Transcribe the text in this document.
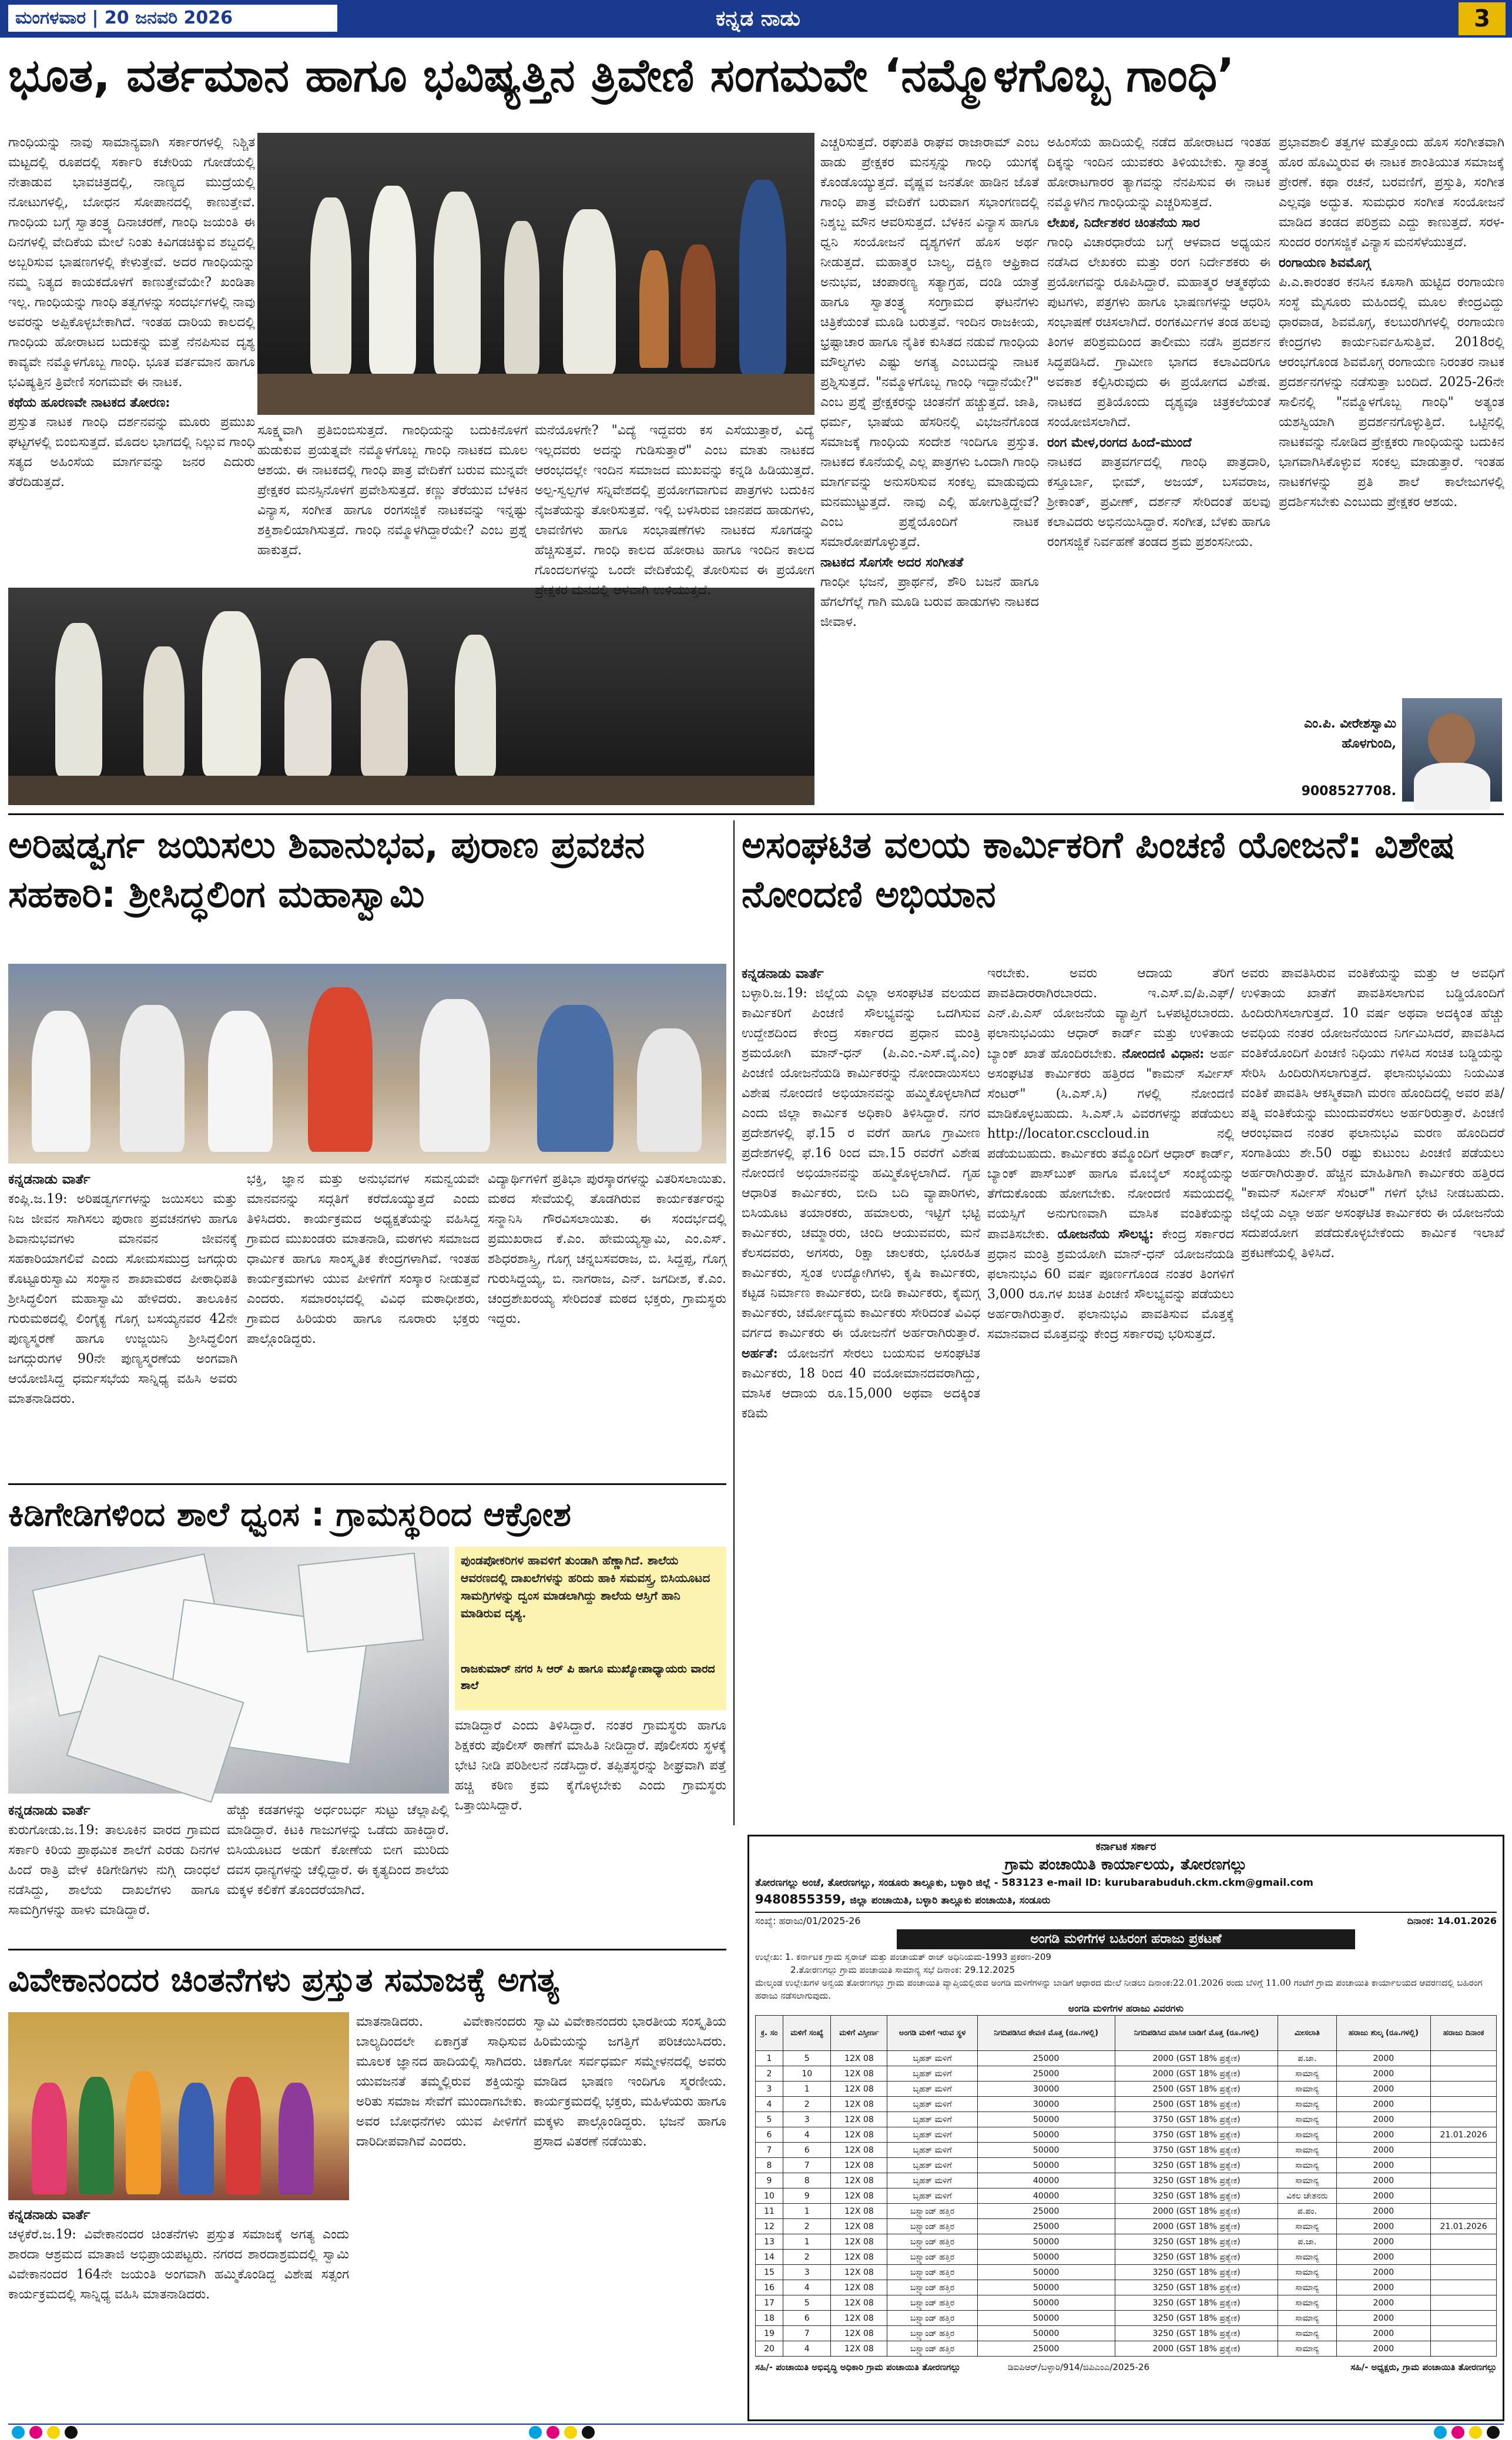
ಮಂಗಳವಾರ | 20 ಜನವರಿ 2026	ಕನ್ನಡ ನಾಡು	3
ಭೂತ, ವರ್ತಮಾನ ಹಾಗೂ ಭವಿಷ್ಯತ್ತಿನ ತ್ರಿವೇಣಿ ಸಂಗಮವೇ ‘ನಮ್ಮೊಳಗೊಬ್ಬ ಗಾಂಧಿ’
ಗಾಂಧಿಯನ್ನು ನಾವು ಸಾಮಾನ್ಯವಾಗಿ ಸರ್ಕಾರಗಳಲ್ಲಿ ನಿಶ್ಚಿತ ಮಟ್ಟದಲ್ಲಿ ರೂಪದಲ್ಲಿ ಸರ್ಕಾರಿ ಕಚೇರಿಯ ಗೋಡೆಯಲ್ಲಿ ನೇತಾಡುವ ಭಾವಚಿತ್ರದಲ್ಲಿ, ನಾಣ್ಯದ ಮುದ್ರೆಯಲ್ಲಿ ನೋಟುಗಳಲ್ಲಿ, ಬೋಧನ ಸೋಪಾನದಲ್ಲಿ ಕಾಣುತ್ತೇವೆ. ಗಾಂಧಿಯ ಬಗ್ಗೆ ಸ್ವಾತಂತ್ರ್ಯ ದಿನಾಚರಣೆ, ಗಾಂಧಿ ಜಯಂತಿ ಈ ದಿನಗಳಲ್ಲಿ ವೇದಿಕೆಯ ಮೇಲೆ ನಿಂತು ಕಿವಿಗಡಚಿಕ್ಕುವ ಶಬ್ದದಲ್ಲಿ ಅಬ್ಬರಿಸುವ ಭಾಷಣಗಳಲ್ಲಿ ಕೇಳುತ್ತೇವೆ. ಅದರ ಗಾಂಧಿಯನ್ನು ನಮ್ಮ ನಿತ್ಯದ ಕಾಯಕದೊಳಗೆ ಕಾಣುತ್ತೇವೆಯೇ? ಖಂಡಿತಾ ಇಲ್ಲ. ಗಾಂಧಿಯನ್ನು ಗಾಂಧಿ ತತ್ವಗಳನ್ನು ಸಂದರ್ಭಗಳಲ್ಲಿ ನಾವು ಅವರನ್ನು ಅಪ್ಪಿಕೊಳ್ಳಬೇಕಾಗಿದೆ. ಇಂತಹ ದಾರಿಯ ಕಾಲದಲ್ಲಿ ಗಾಂಧಿಯ ಹೋರಾಟದ ಬದುಕನ್ನು ಮತ್ತೆ ನೆನಪಿಸುವ ದೃಶ್ಯ ಕಾವ್ಯವೇ ನಮ್ಮೊಳಗೊಬ್ಬ ಗಾಂಧಿ. ಭೂತ ವರ್ತಮಾನ ಹಾಗೂ ಭವಿಷ್ಯತ್ತಿನ ತ್ರಿವೇಣಿ ಸಂಗಮವೇ ಈ ನಾಟಕ.
ಕಥೆಯ ಹೂರಣವೇ ನಾಟಕದ ತೋರಣ:
ಪ್ರಸ್ತುತ ನಾಟಕ ಗಾಂಧಿ ದರ್ಶನವನ್ನು ಮೂರು ಪ್ರಮುಖ ಘಟ್ಟಗಳಲ್ಲಿ ಬಿಂಬಿಸುತ್ತದೆ. ಮೊದಲ ಭಾಗದಲ್ಲಿ ನಿಲ್ಲುವ ಗಾಂಧಿ ಸತ್ಯದ ಅಹಿಂಸೆಯ ಮಾರ್ಗವನ್ನು ಜನರ ಎದುರು ತೆರೆದಿಡುತ್ತದೆ.
ಸೂಕ್ಷ್ಮವಾಗಿ ಪ್ರತಿಬಿಂಬಿಸುತ್ತದೆ. ಗಾಂಧಿಯನ್ನು ಬದುಕಿನೊಳಗೆ ಹುಡುಕುವ ಪ್ರಯತ್ನವೇ ನಮ್ಮೊಳಗೊಬ್ಬ ಗಾಂಧಿ ನಾಟಕದ ಮೂಲ ಆಶಯ. ಈ ನಾಟಕದಲ್ಲಿ ಗಾಂಧಿ ಪಾತ್ರ ವೇದಿಕೆಗೆ ಬರುವ ಮುನ್ನವೇ ಪ್ರೇಕ್ಷಕರ ಮನಸ್ಸಿನೊಳಗೆ ಪ್ರವೇಶಿಸುತ್ತದೆ. ಕಣ್ಣು ತೆರೆಯುವ ಬೆಳಕಿನ ವಿನ್ಯಾಸ, ಸಂಗೀತ ಹಾಗೂ ರಂಗಸಜ್ಜಿಕೆ ನಾಟಕವನ್ನು ಇನ್ನಷ್ಟು ಶಕ್ತಿಶಾಲಿಯಾಗಿಸುತ್ತದೆ. ಗಾಂಧಿ ನಮ್ಮೊಳಗಿದ್ದಾರೆಯೇ? ಎಂಬ ಪ್ರಶ್ನೆ ಹಾಕುತ್ತದೆ.
ಮನೆಯೊಳಗೇ? "ವಿದ್ಯೆ ಇದ್ದವರು ಕಸ ಎಸೆಯುತ್ತಾರೆ, ವಿದ್ಯೆ ಇಲ್ಲದವರು ಅದನ್ನು ಗುಡಿಸುತ್ತಾರೆ" ಎಂಬ ಮಾತು ನಾಟಕದ ಆರಂಭದಲ್ಲೇ ಇಂದಿನ ಸಮಾಜದ ಮುಖವನ್ನು ಕನ್ನಡಿ ಹಿಡಿಯುತ್ತದೆ. ಅಲ್ಪ-ಸ್ವಲ್ಪಗಳ ಸನ್ನಿವೇಶದಲ್ಲಿ ಪ್ರಯೋಗವಾಗುವ ಪಾತ್ರಗಳು ಬದುಕಿನ ನೈಜತೆಯನ್ನು ತೋರಿಸುತ್ತವೆ. ಇಲ್ಲಿ ಬಳಸಿರುವ ಜಾನಪದ ಹಾಡುಗಳು, ಲಾವಣಿಗಳು ಹಾಗೂ ಸಂಭಾಷಣೆಗಳು ನಾಟಕದ ಸೊಗಡನ್ನು ಹೆಚ್ಚಿಸುತ್ತವೆ. ಗಾಂಧಿ ಕಾಲದ ಹೋರಾಟ ಹಾಗೂ ಇಂದಿನ ಕಾಲದ ಗೊಂದಲಗಳನ್ನು ಒಂದೇ ವೇದಿಕೆಯಲ್ಲಿ ತೋರಿಸುವ ಈ ಪ್ರಯೋಗ ಪ್ರೇಕ್ಷಕರ ಮನದಲ್ಲಿ ಆಳವಾಗಿ ಉಳಿಯುತ್ತದೆ.
ಎಚ್ಚರಿಸುತ್ತದೆ. ರಘುಪತಿ ರಾಘವ ರಾಜಾರಾಮ್ ಎಂಬ ಹಾಡು ಪ್ರೇಕ್ಷಕರ ಮನಸ್ಸನ್ನು ಗಾಂಧಿ ಯುಗಕ್ಕೆ ಕೊಂಡೊಯ್ಯುತ್ತದೆ. ವೈಷ್ಣವ ಜನತೋ ಹಾಡಿನ ಜೊತೆ ಗಾಂಧಿ ಪಾತ್ರ ವೇದಿಕೆಗೆ ಬರುವಾಗ ಸಭಾಂಗಣದಲ್ಲಿ ನಿಶ್ಶಬ್ದ ಮೌನ ಆವರಿಸುತ್ತದೆ. ಬೆಳಕಿನ ವಿನ್ಯಾಸ ಹಾಗೂ ಧ್ವನಿ ಸಂಯೋಜನೆ ದೃಶ್ಯಗಳಿಗೆ ಹೊಸ ಅರ್ಥ ನೀಡುತ್ತದೆ. ಮಹಾತ್ಮರ ಬಾಲ್ಯ, ದಕ್ಷಿಣ ಆಫ್ರಿಕಾದ ಅನುಭವ, ಚಂಪಾರಣ್ಯ ಸತ್ಯಾಗ್ರಹ, ದಂಡಿ ಯಾತ್ರೆ ಹಾಗೂ ಸ್ವಾತಂತ್ರ್ಯ ಸಂಗ್ರಾಮದ ಘಟನೆಗಳು ಚಿತ್ರಿಕೆಯಂತೆ ಮೂಡಿ ಬರುತ್ತವೆ. ಇಂದಿನ ರಾಜಕೀಯ, ಭ್ರಷ್ಟಾಚಾರ ಹಾಗೂ ನೈತಿಕ ಕುಸಿತದ ನಡುವೆ ಗಾಂಧಿಯ ಮೌಲ್ಯಗಳು ಎಷ್ಟು ಅಗತ್ಯ ಎಂಬುದನ್ನು ನಾಟಕ ಪ್ರಶ್ನಿಸುತ್ತದೆ. "ನಮ್ಮೊಳಗೊಬ್ಬ ಗಾಂಧಿ ಇದ್ದಾನೆಯೇ?" ಎಂಬ ಪ್ರಶ್ನೆ ಪ್ರೇಕ್ಷಕರನ್ನು ಚಿಂತನೆಗೆ ಹಚ್ಚುತ್ತದೆ. ಜಾತಿ, ಧರ್ಮ, ಭಾಷೆಯ ಹೆಸರಿನಲ್ಲಿ ವಿಭಜನೆಗೊಂಡ ಸಮಾಜಕ್ಕೆ ಗಾಂಧಿಯ ಸಂದೇಶ ಇಂದಿಗೂ ಪ್ರಸ್ತುತ. ನಾಟಕದ ಕೊನೆಯಲ್ಲಿ ಎಲ್ಲ ಪಾತ್ರಗಳು ಒಂದಾಗಿ ಗಾಂಧಿ ಮಾರ್ಗವನ್ನು ಅನುಸರಿಸುವ ಸಂಕಲ್ಪ ಮಾಡುವುದು ಮನಮುಟ್ಟುತ್ತದೆ. ನಾವು ಎಲ್ಲಿ ಹೋಗುತ್ತಿದ್ದೇವೆ? ಎಂಬ ಪ್ರಶ್ನೆಯೊಂದಿಗೆ ನಾಟಕ ಸಮಾರೋಪಗೊಳ್ಳುತ್ತದೆ.
ನಾಟಕದ ಸೊಗಸೇ ಅದರ ಸಂಗೀತತೆ
ಗಾಂಧೀ ಭಜನೆ, ಪ್ರಾರ್ಥನೆ, ಶೌರಿ ಬಜನೆ ಹಾಗೂ ಹೆಗಲೆಗೆಲ್ಲೆ ಗಾಗಿ ಮೂಡಿ ಬರುವ ಹಾಡುಗಳು ನಾಟಕದ ಜೀವಾಳ.
ಅಹಿಂಸೆಯ ಹಾದಿಯಲ್ಲಿ ನಡೆದ ಹೋರಾಟದ ಇಂತಹ ದಿಕ್ಕನ್ನು ಇಂದಿನ ಯುವಕರು ತಿಳಿಯಬೇಕು. ಸ್ವಾತಂತ್ರ್ಯ ಹೋರಾಟಗಾರರ ತ್ಯಾಗವನ್ನು ನೆನಪಿಸುವ ಈ ನಾಟಕ ನಮ್ಮೊಳಗಿನ ಗಾಂಧಿಯನ್ನು ಎಚ್ಚರಿಸುತ್ತದೆ.
ಲೇಖಕ, ನಿರ್ದೇಶಕರ ಚಿಂತನೆಯ ಸಾರ
ಗಾಂಧಿ ವಿಚಾರಧಾರೆಯ ಬಗ್ಗೆ ಆಳವಾದ ಅಧ್ಯಯನ ನಡೆಸಿದ ಲೇಖಕರು ಮತ್ತು ರಂಗ ನಿರ್ದೇಶಕರು ಈ ಪ್ರಯೋಗವನ್ನು ರೂಪಿಸಿದ್ದಾರೆ. ಮಹಾತ್ಮರ ಆತ್ಮಕಥೆಯ ಪುಟಗಳು, ಪತ್ರಗಳು ಹಾಗೂ ಭಾಷಣಗಳನ್ನು ಆಧರಿಸಿ ಸಂಭಾಷಣೆ ರಚಿಸಲಾಗಿದೆ. ರಂಗಕರ್ಮಿಗಳ ತಂಡ ಹಲವು ತಿಂಗಳ ಪರಿಶ್ರಮದಿಂದ ತಾಲೀಮು ನಡೆಸಿ ಪ್ರದರ್ಶನ ಸಿದ್ಧಪಡಿಸಿದೆ. ಗ್ರಾಮೀಣ ಭಾಗದ ಕಲಾವಿದರಿಗೂ ಅವಕಾಶ ಕಲ್ಪಿಸಿರುವುದು ಈ ಪ್ರಯೋಗದ ವಿಶೇಷ. ನಾಟಕದ ಪ್ರತಿಯೊಂದು ದೃಶ್ಯವೂ ಚಿತ್ರಕಲೆಯಂತೆ ಸಂಯೋಜಿಸಲಾಗಿದೆ.
ರಂಗ ಮೇಳ,ರಂಗದ ಹಿಂದೆ-ಮುಂದೆ
ನಾಟಕದ ಪಾತ್ರವರ್ಗದಲ್ಲಿ ಗಾಂಧಿ ಪಾತ್ರದಾರಿ, ಕಸ್ತೂರ್ಬಾ, ಭೀಮ್, ಅಜಯ್, ಬಸವರಾಜ, ಶ್ರೀಕಾಂತ್, ಪ್ರವೀಣ್, ದರ್ಶನ್ ಸೇರಿದಂತೆ ಹಲವು ಕಲಾವಿದರು ಅಭಿನಯಿಸಿದ್ದಾರೆ. ಸಂಗೀತ, ಬೆಳಕು ಹಾಗೂ ರಂಗಸಜ್ಜಿಕೆ ನಿರ್ವಹಣೆ ತಂಡದ ಶ್ರಮ ಪ್ರಶಂಸನೀಯ.
ಪ್ರಭಾವಶಾಲಿ ತತ್ವಗಳ ಮತ್ತೊಂದು ಹೊಸ ಸಂಗೀತವಾಗಿ ಹೊರ ಹೊಮ್ಮಿರುವ ಈ ನಾಟಕ ಶಾಂತಿಯುತ ಸಮಾಜಕ್ಕೆ ಪ್ರೇರಣೆ. ಕಥಾ ರಚನೆ, ಬರವಣಿಗೆ, ಪ್ರಸ್ತುತಿ, ಸಂಗೀತ ಎಲ್ಲವೂ ಅದ್ಭುತ. ಸುಮಧುರ ಸಂಗೀತ ಸಂಯೋಜನೆ ಮಾಡಿದ ತಂಡದ ಪರಿಶ್ರಮ ಎದ್ದು ಕಾಣುತ್ತದೆ. ಸರಳ-ಸುಂದರ ರಂಗಸಜ್ಜಿಕೆ ವಿನ್ಯಾಸ ಮನಸೆಳೆಯುತ್ತದೆ.
ರಂಗಾಯಣ ಶಿವಮೊಗ್ಗ
ಪಿ.ಎ.ಕಾರಂತರ ಕನಸಿನ ಕೂಸಾಗಿ ಹುಟ್ಟಿದ ರಂಗಾಯಣ ಸಂಸ್ಥೆ ಮೈಸೂರು ಮಹಿಂದಲ್ಲಿ ಮೂಲ ಕೇಂದ್ರವಿದ್ದು ಧಾರವಾಡ, ಶಿವಮೊಗ್ಗ, ಕಲಬುರಗಿಗಳಲ್ಲಿ ರಂಗಾಯಣ ಕೇಂದ್ರಗಳು ಕಾರ್ಯನಿರ್ವಹಿಸುತ್ತಿವೆ. 2018ರಲ್ಲಿ ಆರಂಭಗೊಂಡ ಶಿವಮೊಗ್ಗ ರಂಗಾಯಣ ನಿರಂತರ ನಾಟಕ ಪ್ರದರ್ಶನಗಳನ್ನು ನಡೆಸುತ್ತಾ ಬಂದಿದೆ. 2025-26ನೇ ಸಾಲಿನಲ್ಲಿ "ನಮ್ಮೊಳಗೊಬ್ಬ ಗಾಂಧಿ" ಅತ್ಯಂತ ಯಶಸ್ವಿಯಾಗಿ ಪ್ರದರ್ಶನಗೊಳ್ಳುತ್ತಿದೆ. ಒಟ್ಟಿನಲ್ಲಿ ನಾಟಕವನ್ನು ನೋಡಿದ ಪ್ರೇಕ್ಷಕರು ಗಾಂಧಿಯನ್ನು ಬದುಕಿನ ಭಾಗವಾಗಿಸಿಕೊಳ್ಳುವ ಸಂಕಲ್ಪ ಮಾಡುತ್ತಾರೆ. ಇಂತಹ ನಾಟಕಗಳನ್ನು ಪ್ರತಿ ಶಾಲೆ ಕಾಲೇಜುಗಳಲ್ಲಿ ಪ್ರದರ್ಶಿಸಬೇಕು ಎಂಬುದು ಪ್ರೇಕ್ಷಕರ ಆಶಯ.
ಎಂ.ಪಿ. ವೀರೇಶಸ್ವಾಮಿ ಹೊಳಗುಂದಿ,
9008527708.
ಅರಿಷಡ್ವರ್ಗ ಜಯಿಸಲು ಶಿವಾನುಭವ, ಪುರಾಣ ಪ್ರವಚನ ಸಹಕಾರಿ: ಶ್ರೀಸಿದ್ಧಲಿಂಗ ಮಹಾಸ್ವಾಮಿ
ಕನ್ನಡನಾಡು ವಾರ್ತೆ
ಕಂಪ್ಲಿ.ಜ.19: ಅರಿಷಡ್ವರ್ಗಗಳನ್ನು ಜಯಿಸಲು ಮತ್ತು ನಿಜ ಜೀವನ ಸಾಗಿಸಲು ಪುರಾಣ ಪ್ರವಚನಗಳು ಹಾಗೂ ಶಿವಾನುಭವಗಳು ಮಾನವನ ಜೀವನಕ್ಕೆ ಸಹಕಾರಿಯಾಗಲಿವೆ ಎಂದು ಸೋಮಸಮುದ್ರ ಜಗದ್ಗುರು ಕೊಟ್ಟೂರುಸ್ವಾಮಿ ಸಂಸ್ಥಾನ ಶಾಖಾಮಠದ ಪೀಠಾಧಿಪತಿ ಶ್ರೀಸಿದ್ಧಲಿಂಗ ಮಹಾಸ್ವಾಮಿ ಹೇಳಿದರು. ತಾಲೂಕಿನ ಗುರುಮಠದಲ್ಲಿ ಲಿಂಗೈಕ್ಯ ಗೊಗ್ಗ ಬಸಯ್ಯನವರ 42ನೇ ಪುಣ್ಯಸ್ಮರಣೆ ಹಾಗೂ ಉಜ್ಜಯಿನಿ ಶ್ರೀಸಿದ್ಧಲಿಂಗ ಜಗದ್ಗುರುಗಳ 90ನೇ ಪುಣ್ಯಸ್ಮರಣೆಯ ಅಂಗವಾಗಿ ಆಯೋಜಿಸಿದ್ದ ಧರ್ಮಸಭೆಯ ಸಾನ್ನಿಧ್ಯ ವಹಿಸಿ ಅವರು ಮಾತನಾಡಿದರು.
ಭಕ್ತಿ, ಜ್ಞಾನ ಮತ್ತು ಅನುಭವಗಳ ಸಮನ್ವಯವೇ ಮಾನವನನ್ನು ಸದ್ಗತಿಗೆ ಕರೆದೊಯ್ಯುತ್ತದೆ ಎಂದು ತಿಳಿಸಿದರು. ಕಾರ್ಯಕ್ರಮದ ಅಧ್ಯಕ್ಷತೆಯನ್ನು ವಹಿಸಿದ್ದ ಗ್ರಾಮದ ಮುಖಂಡರು ಮಾತನಾಡಿ, ಮಠಗಳು ಸಮಾಜದ ಧಾರ್ಮಿಕ ಹಾಗೂ ಸಾಂಸ್ಕೃತಿಕ ಕೇಂದ್ರಗಳಾಗಿವೆ. ಇಂತಹ ಕಾರ್ಯಕ್ರಮಗಳು ಯುವ ಪೀಳಿಗೆಗೆ ಸಂಸ್ಕಾರ ನೀಡುತ್ತವೆ ಎಂದರು. ಸಮಾರಂಭದಲ್ಲಿ ವಿವಿಧ ಮಠಾಧೀಶರು, ಗ್ರಾಮದ ಹಿರಿಯರು ಹಾಗೂ ನೂರಾರು ಭಕ್ತರು ಪಾಲ್ಗೊಂಡಿದ್ದರು.
ವಿದ್ಯಾರ್ಥಿಗಳಿಗೆ ಪ್ರತಿಭಾ ಪುರಸ್ಕಾರಗಳನ್ನು ವಿತರಿಸಲಾಯಿತು. ಮಠದ ಸೇವೆಯಲ್ಲಿ ತೊಡಗಿರುವ ಕಾರ್ಯಕರ್ತರನ್ನು ಸನ್ಮಾನಿಸಿ ಗೌರವಿಸಲಾಯಿತು. ಈ ಸಂದರ್ಭದಲ್ಲಿ ಪ್ರಮುಖರಾದ ಕೆ.ಎಂ. ಹೇಮಯ್ಯಸ್ವಾಮಿ, ಎಂ.ಎಸ್. ಶಶಿಧರಶಾಸ್ತ್ರಿ, ಗೊಗ್ಗ ಚನ್ನಬಸವರಾಜ, ಬಿ. ಸಿದ್ದಪ್ಪ, ಗೊಗ್ಗ ಗುರುಸಿದ್ದಯ್ಯ, ಬಿ. ನಾಗರಾಜ, ಎನ್. ಜಗದೀಶ, ಕೆ.ಎಂ. ಚಂದ್ರಶೇಖರಯ್ಯ ಸೇರಿದಂತೆ ಮಠದ ಭಕ್ತರು, ಗ್ರಾಮಸ್ಥರು ಇದ್ದರು.
ಅಸಂಘಟಿತ ವಲಯ ಕಾರ್ಮಿಕರಿಗೆ ಪಿಂಚಣಿ ಯೋಜನೆ: ವಿಶೇಷ ನೋಂದಣಿ ಅಭಿಯಾನ
ಕನ್ನಡನಾಡು ವಾರ್ತೆ
ಬಳ್ಳಾರಿ.ಜ.19: ಜಿಲ್ಲೆಯ ಎಲ್ಲಾ ಅಸಂಘಟಿತ ವಲಯದ ಕಾರ್ಮಿಕರಿಗೆ ಪಿಂಚಣಿ ಸೌಲಭ್ಯವನ್ನು ಒದಗಿಸುವ ಉದ್ದೇಶದಿಂದ ಕೇಂದ್ರ ಸರ್ಕಾರದ ಪ್ರಧಾನ ಮಂತ್ರಿ ಶ್ರಮಯೋಗಿ ಮಾನ್-ಧನ್ (ಪಿ.ಎಂ.-ಎಸ್.ವೈ.ಎಂ) ಪಿಂಚಣಿ ಯೋಜನೆಯಡಿ ಕಾರ್ಮಿಕರನ್ನು ನೋಂದಾಯಿಸಲು ವಿಶೇಷ ನೋಂದಣಿ ಅಭಿಯಾನವನ್ನು ಹಮ್ಮಿಕೊಳ್ಳಲಾಗಿದೆ ಎಂದು ಜಿಲ್ಲಾ ಕಾರ್ಮಿಕ ಅಧಿಕಾರಿ ತಿಳಿಸಿದ್ದಾರೆ. ನಗರ ಪ್ರದೇಶಗಳಲ್ಲಿ ಫೆ.15 ರ ವರೆಗೆ ಹಾಗೂ ಗ್ರಾಮೀಣ ಪ್ರದೇಶಗಳಲ್ಲಿ ಫೆ.16 ರಿಂದ ಮಾ.15 ರವರೆಗೆ ವಿಶೇಷ ನೋಂದಣಿ ಅಭಿಯಾನವನ್ನು ಹಮ್ಮಿಕೊಳ್ಳಲಾಗಿದೆ. ಗೃಹ ಆಧಾರಿತ ಕಾರ್ಮಿಕರು, ಬೀದಿ ಬದಿ ವ್ಯಾಪಾರಿಗಳು, ಬಿಸಿಯೂಟ ತಯಾರಕರು, ಹಮಾಲರು, ಇಟ್ಟಿಗೆ ಭಟ್ಟಿ ಕಾರ್ಮಿಕರು, ಚಮ್ಮಾರರು, ಚಿಂದಿ ಆಯುವವರು, ಮನೆ ಕೆಲಸದವರು, ಅಗಸರು, ರಿಕ್ಷಾ ಚಾಲಕರು, ಭೂರಹಿತ ಕಾರ್ಮಿಕರು, ಸ್ವಂತ ಉದ್ಯೋಗಿಗಳು, ಕೃಷಿ ಕಾರ್ಮಿಕರು, ಕಟ್ಟಡ ನಿರ್ಮಾಣ ಕಾರ್ಮಿಕರು, ಬೀಡಿ ಕಾರ್ಮಿಕರು, ಕೈಮಗ್ಗ ಕಾರ್ಮಿಕರು, ಚರ್ಮೋದ್ಯಮ ಕಾರ್ಮಿಕರು ಸೇರಿದಂತೆ ವಿವಿಧ ವರ್ಗದ ಕಾರ್ಮಿಕರು ಈ ಯೋಜನೆಗೆ ಅರ್ಹರಾಗಿರುತ್ತಾರೆ. ಅರ್ಹತೆ: ಯೋಜನೆಗೆ ಸೇರಲು ಬಯಸುವ ಅಸಂಘಟಿತ ಕಾರ್ಮಿಕರು, 18 ರಿಂದ 40 ವಯೋಮಾನದವರಾಗಿದ್ದು, ಮಾಸಿಕ ಆದಾಯ ರೂ.15,000 ಅಥವಾ ಅದಕ್ಕಿಂತ ಕಡಿಮೆ
ಇರಬೇಕು. ಅವರು ಆದಾಯ ತೆರಿಗೆ ಪಾವತಿದಾರರಾಗಿರಬಾರದು. ಇ.ಎಸ್.ಐ/ಪಿ.ಎಫ್/ಎನ್.ಪಿ.ಎಸ್ ಯೋಜನೆಯ ವ್ಯಾಪ್ತಿಗೆ ಒಳಪಟ್ಟಿರಬಾರದು. ಫಲಾನುಭವಿಯು ಆಧಾರ್ ಕಾರ್ಡ್ ಮತ್ತು ಉಳಿತಾಯ ಬ್ಯಾಂಕ್ ಖಾತೆ ಹೊಂದಿರಬೇಕು. ನೋಂದಣಿ ವಿಧಾನ: ಅರ್ಹ ಅಸಂಘಟಿತ ಕಾರ್ಮಿಕರು ಹತ್ತಿರದ "ಕಾಮನ್ ಸರ್ವೀಸ್ ಸೆಂಟರ್" (ಸಿ.ಎಸ್.ಸಿ) ಗಳಲ್ಲಿ ನೋಂದಣಿ ಮಾಡಿಕೊಳ್ಳಬಹುದು. ಸಿ.ಎಸ್.ಸಿ ವಿವರಗಳನ್ನು ಪಡೆಯಲು http://locator.csccloud.in ನಲ್ಲಿ ಪಡೆಯಬಹುದು. ಕಾರ್ಮಿಕರು ತಮ್ಮೊಂದಿಗೆ ಆಧಾರ್ ಕಾರ್ಡ್, ಬ್ಯಾಂಕ್ ಪಾಸ್‌ಬುಕ್ ಹಾಗೂ ಮೊಬೈಲ್ ಸಂಖ್ಯೆಯನ್ನು ತೆಗೆದುಕೊಂಡು ಹೋಗಬೇಕು. ನೋಂದಣಿ ಸಮಯದಲ್ಲಿ ವಯಸ್ಸಿಗೆ ಅನುಗುಣವಾಗಿ ಮಾಸಿಕ ವಂತಿಕೆಯನ್ನು ಪಾವತಿಸಬೇಕು. ಯೋಜನೆಯ ಸೌಲಭ್ಯ: ಕೇಂದ್ರ ಸರ್ಕಾರದ ಪ್ರಧಾನ ಮಂತ್ರಿ ಶ್ರಮಯೋಗಿ ಮಾನ್-ಧನ್ ಯೋಜನೆಯಡಿ ಫಲಾನುಭವಿ 60 ವರ್ಷ ಪೂರ್ಣಗೊಂಡ ನಂತರ ತಿಂಗಳಿಗೆ 3,000 ರೂ.ಗಳ ಖಚಿತ ಪಿಂಚಣಿ ಸೌಲಭ್ಯವನ್ನು ಪಡೆಯಲು ಅರ್ಹರಾಗಿರುತ್ತಾರೆ. ಫಲಾನುಭವಿ ಪಾವತಿಸುವ ಮೊತ್ತಕ್ಕೆ ಸಮಾನವಾದ ಮೊತ್ತವನ್ನು ಕೇಂದ್ರ ಸರ್ಕಾರವು ಭರಿಸುತ್ತದೆ.
ಅವರು ಪಾವತಿಸಿರುವ ವಂತಿಕೆಯನ್ನು ಮತ್ತು ಆ ಅವಧಿಗೆ ಉಳಿತಾಯ ಖಾತೆಗೆ ಪಾವತಿಸಲಾಗುವ ಬಡ್ಡಿಯೊಂದಿಗೆ ಹಿಂದಿರುಗಿಸಲಾಗುತ್ತದೆ. 10 ವರ್ಷ ಅಥವಾ ಅದಕ್ಕಿಂತ ಹೆಚ್ಚು ಅವಧಿಯ ನಂತರ ಯೋಜನೆಯಿಂದ ನಿರ್ಗಮಿಸಿದರೆ, ಪಾವತಿಸಿದ ವಂತಿಕೆಯೊಂದಿಗೆ ಪಿಂಚಣಿ ನಿಧಿಯು ಗಳಿಸಿದ ಸಂಚಿತ ಬಡ್ಡಿಯನ್ನು ಸೇರಿಸಿ ಹಿಂದಿರುಗಿಸಲಾಗುತ್ತದೆ. ಫಲಾನುಭವಿಯು ನಿಯಮಿತ ವಂತಿಕೆ ಪಾವತಿಸಿ ಆಕಸ್ಮಿಕವಾಗಿ ಮರಣ ಹೊಂದಿದಲ್ಲಿ ಅವರ ಪತಿ/ಪತ್ನಿ ವಂತಿಕೆಯನ್ನು ಮುಂದುವರೆಸಲು ಅರ್ಹರಿರುತ್ತಾರೆ. ಪಿಂಚಣಿ ಆರಂಭವಾದ ನಂತರ ಫಲಾನುಭವಿ ಮರಣ ಹೊಂದಿದರೆ ಸಂಗಾತಿಯು ಶೇ.50 ರಷ್ಟು ಕುಟುಂಬ ಪಿಂಚಣಿ ಪಡೆಯಲು ಅರ್ಹರಾಗಿರುತ್ತಾರೆ. ಹೆಚ್ಚಿನ ಮಾಹಿತಿಗಾಗಿ ಕಾರ್ಮಿಕರು ಹತ್ತಿರದ "ಕಾಮನ್ ಸರ್ವೀಸ್ ಸೆಂಟರ್" ಗಳಿಗೆ ಭೇಟಿ ನೀಡಬಹುದು. ಜಿಲ್ಲೆಯ ಎಲ್ಲಾ ಅರ್ಹ ಅಸಂಘಟಿತ ಕಾರ್ಮಿಕರು ಈ ಯೋಜನೆಯ ಸದುಪಯೋಗ ಪಡೆದುಕೊಳ್ಳಬೇಕೆಂದು ಕಾರ್ಮಿಕ ಇಲಾಖೆ ಪ್ರಕಟಣೆಯಲ್ಲಿ ತಿಳಿಸಿದೆ.
ಕಿಡಿಗೇಡಿಗಳಿಂದ ಶಾಲೆ ಧ್ವಂಸ : ಗ್ರಾಮಸ್ಥರಿಂದ ಆಕ್ರೋಶ
ಪುಂಡಪೋಕರಿಗಳ ಹಾವಳಿಗೆ ತುಂಡಾಗಿ ಹೆಣ್ಣಾಗಿದೆ. ಶಾಲೆಯ ಆವರಣದಲ್ಲಿ ದಾಖಲೆಗಳನ್ನು ಹರಿದು ಹಾಕಿ ಸಮವಸ್ತ್ರ, ಬಿಸಿಯೂಟದ ಸಾಮಗ್ರಿಗಳನ್ನು ದ್ವಂಸ ಮಾಡಲಾಗಿದ್ದು ಶಾಲೆಯ ಆಸ್ತಿಗೆ ಹಾನಿ ಮಾಡಿರುವ ದೃಶ್ಯ.
ರಾಜಕುಮಾರ್ ನಗರ ಸಿ ಆರ್ ಪಿ ಹಾಗೂ ಮುಖ್ಯೋಪಾಧ್ಯಾಯರು ವಾರದ ಶಾಲೆ
ಮಾಡಿದ್ದಾರೆ ಎಂದು ತಿಳಿಸಿದ್ದಾರೆ. ನಂತರ ಗ್ರಾಮಸ್ಥರು ಹಾಗೂ ಶಿಕ್ಷಕರು ಪೊಲೀಸ್ ಠಾಣೆಗೆ ಮಾಹಿತಿ ನೀಡಿದ್ದಾರೆ. ಪೊಲೀಸರು ಸ್ಥಳಕ್ಕೆ ಭೇಟಿ ನೀಡಿ ಪರಿಶೀಲನೆ ನಡೆಸಿದ್ದಾರೆ. ತಪ್ಪಿತಸ್ಥರನ್ನು ಶೀಘ್ರವಾಗಿ ಪತ್ತೆ ಹಚ್ಚಿ ಕಠಿಣ ಕ್ರಮ ಕೈಗೊಳ್ಳಬೇಕು ಎಂದು ಗ್ರಾಮಸ್ಥರು ಒತ್ತಾಯಿಸಿದ್ದಾರೆ.
ಕನ್ನಡನಾಡು ವಾರ್ತೆ
ಕುರುಗೋಡು.ಜ.19: ತಾಲೂಕಿನ ವಾರದ ಗ್ರಾಮದ ಸರ್ಕಾರಿ ಕಿರಿಯ ಪ್ರಾಥಮಿಕ ಶಾಲೆಗೆ ಎರಡು ದಿನಗಳ ಹಿಂದೆ ರಾತ್ರಿ ವೇಳೆ ಕಿಡಿಗೇಡಿಗಳು ನುಗ್ಗಿ ದಾಂಧಲೆ ನಡೆಸಿದ್ದು, ಶಾಲೆಯ ದಾಖಲೆಗಳು ಹಾಗೂ ಸಾಮಗ್ರಿಗಳನ್ನು ಹಾಳು ಮಾಡಿದ್ದಾರೆ.
ಹೆಚ್ಚು ಕಡತಗಳನ್ನು ಅರ್ಧಂಬರ್ಧ ಸುಟ್ಟು ಚೆಲ್ಲಾಪಿಲ್ಲಿ ಮಾಡಿದ್ದಾರೆ. ಕಿಟಕಿ ಗಾಜುಗಳನ್ನು ಒಡೆದು ಹಾಕಿದ್ದಾರೆ. ಬಿಸಿಯೂಟದ ಅಡುಗೆ ಕೋಣೆಯ ಬೀಗ ಮುರಿದು ದವಸ ಧಾನ್ಯಗಳನ್ನು ಚೆಲ್ಲಿದ್ದಾರೆ. ಈ ಕೃತ್ಯದಿಂದ ಶಾಲೆಯ ಮಕ್ಕಳ ಕಲಿಕೆಗೆ ತೊಂದರೆಯಾಗಿದೆ.
ವಿವೇಕಾನಂದರ ಚಿಂತನೆಗಳು ಪ್ರಸ್ತುತ ಸಮಾಜಕ್ಕೆ ಅಗತ್ಯ
ಮಾತನಾಡಿದರು. ವಿವೇಕಾನಂದರು ಬಾಲ್ಯದಿಂದಲೇ ಏಕಾಗ್ರತೆ ಸಾಧಿಸುವ ಮೂಲಕ ಜ್ಞಾನದ ಹಾದಿಯಲ್ಲಿ ಸಾಗಿದರು. ಯುವಜನತೆ ತಮ್ಮಲ್ಲಿರುವ ಶಕ್ತಿಯನ್ನು ಅರಿತು ಸಮಾಜ ಸೇವೆಗೆ ಮುಂದಾಗಬೇಕು. ಅವರ ಬೋಧನೆಗಳು ಯುವ ಪೀಳಿಗೆಗೆ ದಾರಿದೀಪವಾಗಿವೆ ಎಂದರು.
ಸ್ವಾಮಿ ವಿವೇಕಾನಂದರು ಭಾರತೀಯ ಸಂಸ್ಕೃತಿಯ ಹಿರಿಮೆಯನ್ನು ಜಗತ್ತಿಗೆ ಪರಿಚಯಿಸಿದರು. ಚಿಕಾಗೋ ಸರ್ವಧರ್ಮ ಸಮ್ಮೇಳನದಲ್ಲಿ ಅವರು ಮಾಡಿದ ಭಾಷಣ ಇಂದಿಗೂ ಸ್ಮರಣೀಯ. ಕಾರ್ಯಕ್ರಮದಲ್ಲಿ ಭಕ್ತರು, ಮಹಿಳೆಯರು ಹಾಗೂ ಮಕ್ಕಳು ಪಾಲ್ಗೊಂಡಿದ್ದರು. ಭಜನೆ ಹಾಗೂ ಪ್ರಸಾದ ವಿತರಣೆ ನಡೆಯಿತು.
ಕನ್ನಡನಾಡು ವಾರ್ತೆ
ಚಳ್ಳಕೆರೆ.ಜ.19: ವಿವೇಕಾನಂದರ ಚಿಂತನೆಗಳು ಪ್ರಸ್ತುತ ಸಮಾಜಕ್ಕೆ ಅಗತ್ಯ ಎಂದು ಶಾರದಾ ಆಶ್ರಮದ ಮಾತಾಜಿ ಅಭಿಪ್ರಾಯಪಟ್ಟರು. ನಗರದ ಶಾರದಾಶ್ರಮದಲ್ಲಿ ಸ್ವಾಮಿ ವಿವೇಕಾನಂದರ 164ನೇ ಜಯಂತಿ ಅಂಗವಾಗಿ ಹಮ್ಮಿಕೊಂಡಿದ್ದ ವಿಶೇಷ ಸತ್ಸಂಗ ಕಾರ್ಯಕ್ರಮದಲ್ಲಿ ಸಾನ್ನಿಧ್ಯ ವಹಿಸಿ ಮಾತನಾಡಿದರು.
ಕರ್ನಾಟಕ ಸರ್ಕಾರ
ಗ್ರಾಮ ಪಂಚಾಯಿತಿ ಕಾರ್ಯಾಲಯ, ತೋರಣಗಲ್ಲು
ತೋರಣಗಲ್ಲು ಅಂಚೆ, ತೋರಣಗಲ್ಲು, ಸಂಡೂರು ತಾಲ್ಲೂಕು, ಬಳ್ಳಾರಿ ಜಿಲ್ಲೆ - 583123 e-mail ID: kurubarabuduh.ckm.ckm@gmail.com
9480855359, ಜಿಲ್ಲಾ ಪಂಚಾಯಿತಿ, ಬಳ್ಳಾರಿ ತಾಲ್ಲೂಕು ಪಂಚಾಯಿತಿ, ಸಂಡೂರು
ಸಂಖ್ಯೆ: ಹರಾಜು/01/2025-26	ದಿನಾಂಕ: 14.01.2026
ಅಂಗಡಿ ಮಳಿಗೆಗಳ ಬಹಿರಂಗ ಹರಾಜು ಪ್ರಕಟಣೆ
ಉಲ್ಲೇಖ: 1. ಕರ್ನಾಟಕ ಗ್ರಾಮ ಸ್ವರಾಜ್ ಮತ್ತು ಪಂಚಾಯತ್ ರಾಜ್ ಅಧಿನಿಯಮ-1993 ಪ್ರಕರಣ-209
2.ತೋರಣಗಲ್ಲು ಗ್ರಾಮ ಪಂಚಾಯಿತಿ ಸಾಮಾನ್ಯ ಸಭೆ ದಿನಾಂಕ: 29.12.2025
ಮೇಲ್ಕಂಡ ಉಲ್ಲೇಖಗಳ ಅನ್ವಯ ತೋರಣಗಲ್ಲು ಗ್ರಾಮ ಪಂಚಾಯಿತಿ ವ್ಯಾಪ್ತಿಯಲ್ಲಿರುವ ಅಂಗಡಿ ಮಳಿಗೆಗಳನ್ನು ಬಾಡಿಗೆ ಆಧಾರದ ಮೇಲೆ ನೀಡಲು ದಿನಾಂಕ:22.01.2026 ರಂದು ಬೆಳಿಗ್ಗೆ 11.00 ಗಂಟೆಗೆ ಗ್ರಾಮ ಪಂಚಾಯಿತಿ ಕಾರ್ಯಾಲಯದ ಆವರಣದಲ್ಲಿ ಬಹಿರಂಗ ಹರಾಜು ನಡೆಸಲಾಗುವುದು.
ಅಂಗಡಿ ಮಳಿಗೆಗಳ ಹರಾಜು ವಿವರಗಳು
ಕ್ರ. ಸಂ	ಮಳಿಗೆ ಸಂಖ್ಯೆ	ಮಳಿಗೆ ವಿಸ್ತೀರ್ಣ	ಅಂಗಡಿ ಮಳಿಗೆ ಇರುವ ಸ್ಥಳ	ನಿಗದಿಪಡಿಸಿದ ಠೇವಣಿ ಮೊತ್ತ (ರೂ.ಗಳಲ್ಲಿ)	ನಿಗದಿಪಡಿಸಿದ ಮಾಸಿಕ ಬಾಡಿಗೆ ಮೊತ್ತ (ರೂ.ಗಳಲ್ಲಿ)	ಮೀಸಲಾತಿ	ಹರಾಜು ಶುಲ್ಕ (ರೂ.ಗಳಲ್ಲಿ)	ಹರಾಜು ದಿನಾಂಕ
1	5	12X 08	ಬೃಹತ್ ಮಳಿಗೆ	25000	2000 (GST 18% ಪ್ರತ್ಯೇಕ)	ಪ.ಜಾ.	2000	
2	10	12X 08	ಬೃಹತ್ ಮಳಿಗೆ	25000	2000 (GST 18% ಪ್ರತ್ಯೇಕ)	ಸಾಮಾನ್ಯ	2000	
3	1	12X 08	ಬೃಹತ್ ಮಳಿಗೆ	30000	2500 (GST 18% ಪ್ರತ್ಯೇಕ)	ಸಾಮಾನ್ಯ	2000	
4	2	12X 08	ಬೃಹತ್ ಮಳಿಗೆ	30000	2500 (GST 18% ಪ್ರತ್ಯೇಕ)	ಸಾಮಾನ್ಯ	2000	
5	3	12X 08	ಬೃಹತ್ ಮಳಿಗೆ	50000	3750 (GST 18% ಪ್ರತ್ಯೇಕ)	ಸಾಮಾನ್ಯ	2000	
6	4	12X 08	ಬೃಹತ್ ಮಳಿಗೆ	50000	3750 (GST 18% ಪ್ರತ್ಯೇಕ)	ಸಾಮಾನ್ಯ	2000	21.01.2026
7	6	12X 08	ಬೃಹತ್ ಮಳಿಗೆ	50000	3750 (GST 18% ಪ್ರತ್ಯೇಕ)	ಸಾಮಾನ್ಯ	2000	
8	7	12X 08	ಬೃಹತ್ ಮಳಿಗೆ	50000	3250 (GST 18% ಪ್ರತ್ಯೇಕ)	ಸಾಮಾನ್ಯ	2000	
9	8	12X 08	ಬೃಹತ್ ಮಳಿಗೆ	40000	3250 (GST 18% ಪ್ರತ್ಯೇಕ)	ಸಾಮಾನ್ಯ	2000	
10	9	12X 08	ಬೃಹತ್ ಮಳಿಗೆ	40000	3250 (GST 18% ಪ್ರತ್ಯೇಕ)	ವಿಕಲ ಚೇತನರು	2000	
11	1	12X 08	ಬಸ್ಟ್ಯಾಂಡ್ ಹತ್ತಿರ	25000	2000 (GST 18% ಪ್ರತ್ಯೇಕ)	ಪ.ಪಂ.	2000	
12	2	12X 08	ಬಸ್ಟ್ಯಾಂಡ್ ಹತ್ತಿರ	25000	2000 (GST 18% ಪ್ರತ್ಯೇಕ)	ಸಾಮಾನ್ಯ	2000	21.01.2026
13	1	12X 08	ಬಸ್ಟ್ಯಾಂಡ್ ಹತ್ತಿರ	50000	3250 (GST 18% ಪ್ರತ್ಯೇಕ)	ಪ.ಜಾ.	2000	
14	2	12X 08	ಬಸ್ಟ್ಯಾಂಡ್ ಹತ್ತಿರ	50000	3250 (GST 18% ಪ್ರತ್ಯೇಕ)	ಸಾಮಾನ್ಯ	2000	
15	3	12X 08	ಬಸ್ಟ್ಯಾಂಡ್ ಹತ್ತಿರ	50000	3250 (GST 18% ಪ್ರತ್ಯೇಕ)	ಸಾಮಾನ್ಯ	2000	
16	4	12X 08	ಬಸ್ಟ್ಯಾಂಡ್ ಹತ್ತಿರ	50000	3250 (GST 18% ಪ್ರತ್ಯೇಕ)	ಸಾಮಾನ್ಯ	2000	
17	5	12X 08	ಬಸ್ಟ್ಯಾಂಡ್ ಹತ್ತಿರ	50000	3250 (GST 18% ಪ್ರತ್ಯೇಕ)	ಸಾಮಾನ್ಯ	2000	
18	6	12X 08	ಬಸ್ಟ್ಯಾಂಡ್ ಹತ್ತಿರ	50000	3250 (GST 18% ಪ್ರತ್ಯೇಕ)	ಸಾಮಾನ್ಯ	2000	
19	7	12X 08	ಬಸ್ಟ್ಯಾಂಡ್ ಹತ್ತಿರ	50000	3250 (GST 18% ಪ್ರತ್ಯೇಕ)	ಸಾಮಾನ್ಯ	2000	
20	4	12X 08	ಬಸ್ಟ್ಯಾಂಡ್ ಹತ್ತಿರ	25000	2000 (GST 18% ಪ್ರತ್ಯೇಕ)	ಸಾಮಾನ್ಯ	2000	
ಸಹಿ/- ಪಂಚಾಯಿತಿ ಅಭಿವೃದ್ಧಿ ಅಧಿಕಾರಿ ಗ್ರಾಮ ಪಂಚಾಯಿತಿ ತೋರಣಗಲ್ಲು	ಡಿಐಪಿಆರ್/ಬಳ್ಳಾರಿ/914/ಜಿಪಿಎಂಎ/2025-26	ಸಹಿ/- ಅಧ್ಯಕ್ಷರು, ಗ್ರಾಮ ಪಂಚಾಯಿತಿ ತೋರಣಗಲ್ಲು
